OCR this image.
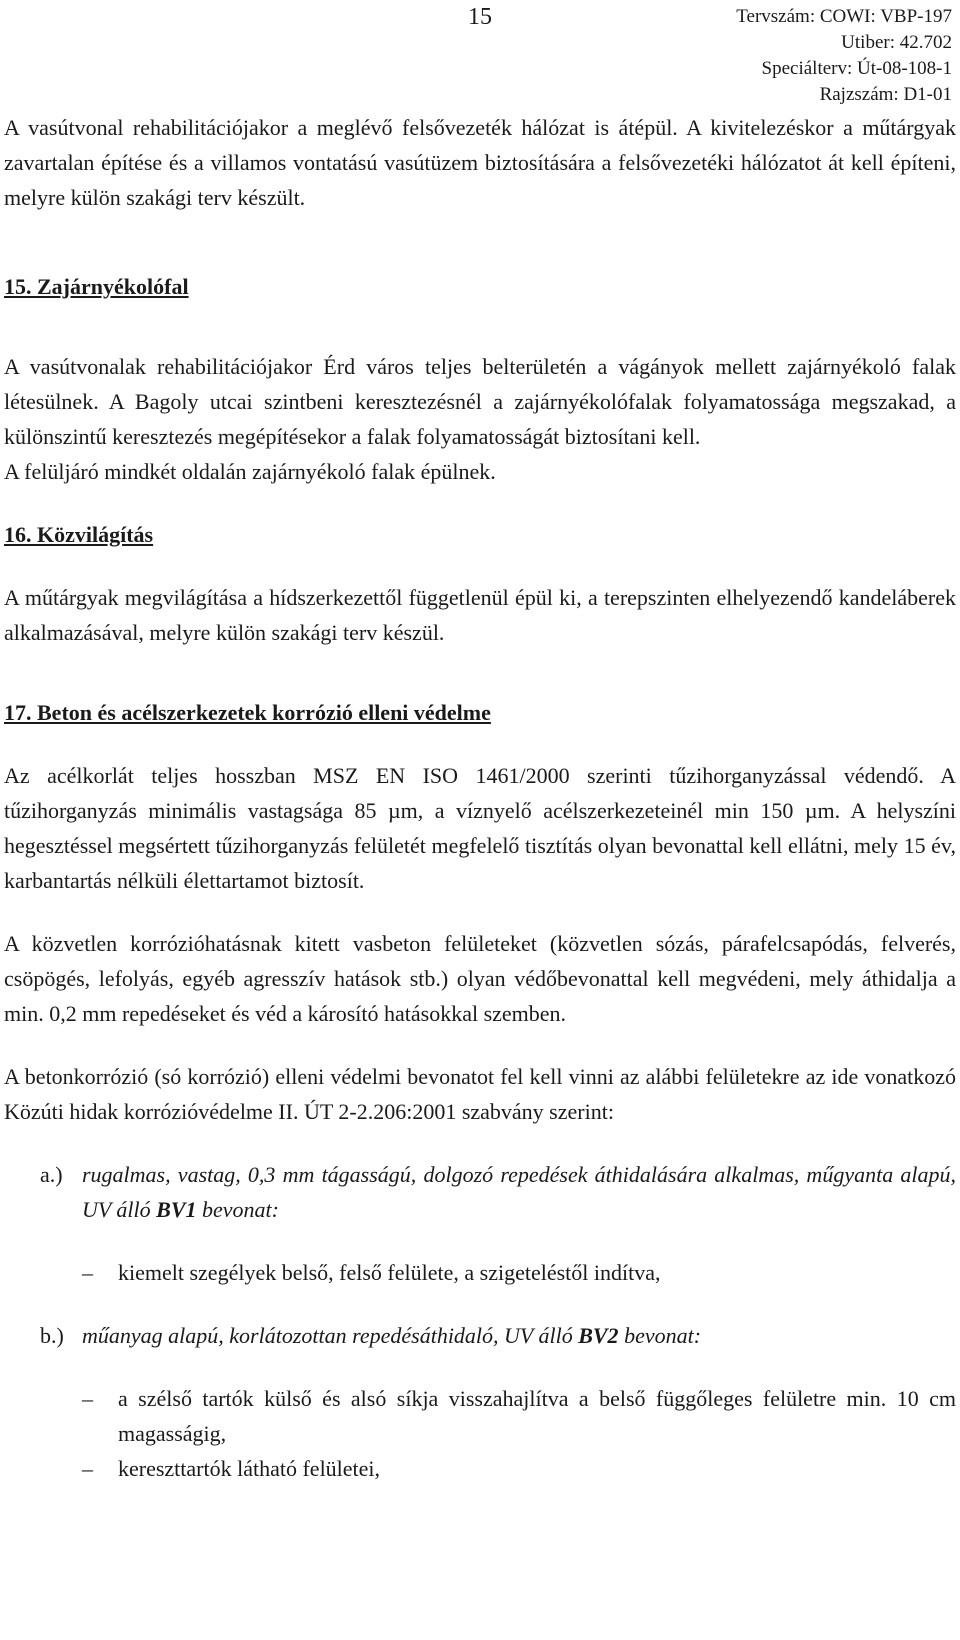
15	Tervszám: COWI: VBP-197
Utiber: 42.702
Speciálterv: Út-08-108-1
Rajzszám: D1-01

A vasútvonal rehabilitációjakor a meglévő felsővezeték hálózat is átépül. A kivitelezéskor a műtárgyak zavartalan építése és a villamos vontatású vasútüzem biztosítására a felsővezetéki hálózatot át kell építeni, melyre külön szakági terv készült.

15. Zajárnyékolófal

A vasútvonalak rehabilitációjakor Érd város teljes belterületén a vágányok mellett zajárnyékoló falak létesülnek. A Bagoly utcai szintbeni keresztezésnél a zajárnyékolófalak folyamatossága megszakad, a különszintű keresztezés megépítésekor a falak folyamatosságát biztosítani kell.

A felüljáró mindkét oldalán zajárnyékoló falak épülnek.

16. Közvilágítás

A műtárgyak megvilágítása a hídszerkezettől függetlenül épül ki, a terepszinten elhelyezendő kandeláberek alkalmazásával, melyre külön szakági terv készül.

17. Beton és acélszerkezetek korrózió elleni védelme

Az acélkorlát teljes hosszban MSZ EN ISO 1461/2000 szerinti tűzihorganyzással védendő. A tűzihorganyzás minimális vastagsága 85 µm, a víznyelő acélszerkezeteinél min 150 µm. A helyszíni hegesztéssel megsértett tűzihorganyzás felületét megfelelő tisztítás olyan bevonattal kell ellátni, mely 15 év, karbantartás nélküli élettartamot biztosít.

A közvetlen korrózióhatásnak kitett vasbeton felületeket (közvetlen sózás, párafelcsapódás, felverés, csöpögés, lefolyás, egyéb agresszív hatások stb.) olyan védőbevonattal kell megvédeni, mely áthidalja a min. 0,2 mm repedéseket és véd a károsító hatásokkal szemben.

A betonkorrózió (só korrózió) elleni védelmi bevonatot fel kell vinni az alábbi felületekre az ide vonatkozó Közúti hidak korrózióvédelme II. ÚT 2-2.206:2001 szabvány szerint:

a.) rugalmas, vastag, 0,3 mm tágasságú, dolgozó repedések áthidalására alkalmas, műgyanta alapú, UV álló BV1 bevonat:
– kiemelt szegélyek belső, felső felülete, a szigeteléstől indítva,
b.) műanyag alapú, korlátozottan repedésáthidaló, UV álló BV2 bevonat:
– a szélső tartók külső és alsó síkja visszahajlítva a belső függőleges felületre min. 10 cm magasságig,
– kereszttartók látható felületei,
